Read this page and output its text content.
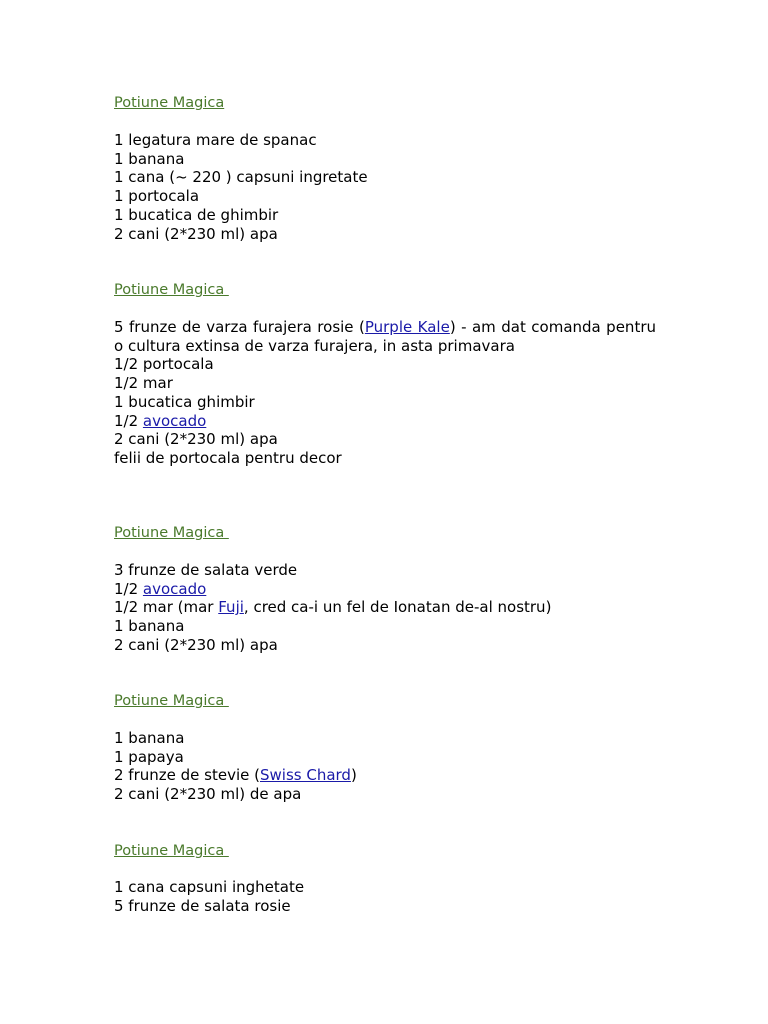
Potiune Magica
1 legatura mare de spanac
1 banana
1 cana (~ 220 ) capsuni ingretate
1 portocala
1 bucatica de ghimbir
2 cani (2*230 ml) apa
Potiune Magica
5 frunze de varza furajera rosie (Purple Kale) - am dat comanda pentru o cultura extinsa de varza furajera, in asta primavara
1/2 portocala
1/2 mar
1 bucatica ghimbir
1/2 avocado
2 cani (2*230 ml) apa
felii de portocala pentru decor
Potiune Magica
3 frunze de salata verde
1/2 avocado
1/2 mar (mar Fuji, cred ca-i un fel de Ionatan de-al nostru)
1 banana
2 cani (2*230 ml) apa
Potiune Magica
1 banana
1 papaya
2 frunze de stevie (Swiss Chard)
2 cani (2*230 ml) de apa
Potiune Magica
1 cana capsuni inghetate
5 frunze de salata rosie
